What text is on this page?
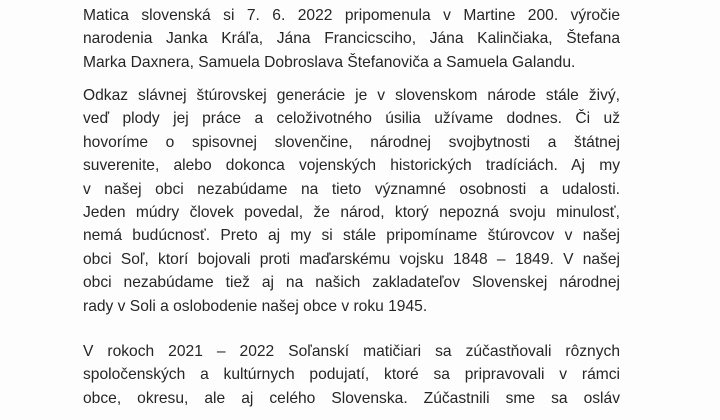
Matica slovenská si 7. 6. 2022 pripomenula v Martine 200. výročie
narodenia Janka Kráľa, Jána Francicsciho, Jána Kalinčiaka, Štefana
Marka Daxnera, Samuela Dobroslava Štefanoviča a Samuela Galandu.
Odkaz slávnej štúrovskej generácie je v slovenskom národe stále živý,
veď plody jej práce a celoživotného úsilia užívame dodnes. Či už
hovoríme o spisovnej slovenčine, národnej svojbytnosti a štátnej
suverenite, alebo dokonca vojenských historických tradíciách. Aj my
v našej obci nezabúdame na tieto významné osobnosti a udalosti.
Jeden múdry človek povedal, že národ, ktorý nepozná svoju minulosť,
nemá budúcnosť. Preto aj my si stále pripomíname štúrovcov v našej
obci Soľ, ktorí bojovali proti maďarskému vojsku 1848 – 1849. V našej
obci nezabúdame tiež aj na našich zakladateľov Slovenskej národnej
rady v Soli a oslobodenie našej obce v roku 1945.
V rokoch 2021 – 2022 Soľanskí matičiari sa zúčastňovali rôznych
spoločenských a kultúrnych podujatí, ktoré sa pripravovali v rámci
obce, okresu, ale aj celého Slovenska. Zúčastnili sme sa osláv
